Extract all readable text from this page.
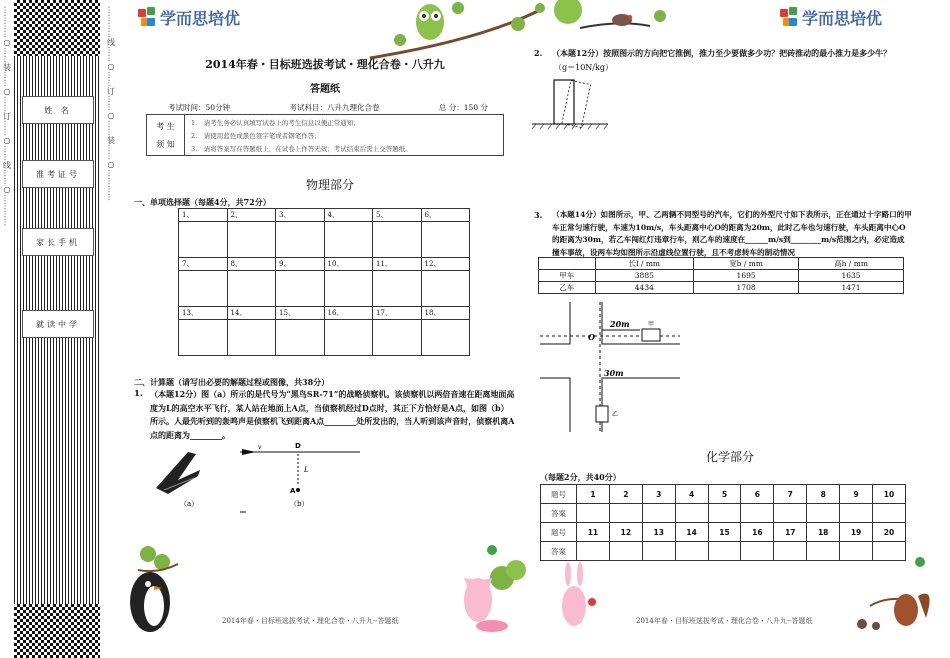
…………○……装……○……订……○……线……○…………	姓 名
准考证号
家长手机
就读中学
…………线……○……订……○……装……○…………	学而思培优	学而思培优
2014年春・目标班选拔考试・理化合卷・八升九
答题纸
考试时间：50分钟	考试科目：八升九理化合卷	总 分：150 分
考 生
须 知
1.　请考生务必认真填写试卷上的考生信息以便正常通知；
2.　请使用蓝色或黑色签字笔或者钢笔作答；
3.　请将答案写在答题纸上，在试卷上作答无效；考试结束后需上交答题纸。
物理部分
一、单项选择题（每题4分，共72分）
1、	2、	3、	4、	5、	6、

7、	8、	9、	10、	11、	12、

13、	14、	15、	16、	17、	18、

二、计算题（请写出必要的解题过程或图像，共38分）
1. （本题12分）图（a）所示的是代号为“黑鸟SR-71”的战略侦察机。该侦察机以两倍音速在距离地面高度为L的高空水平飞行，某人站在地面上A点，当侦察机经过D点时，其正下方恰好是A点，如图（b）所示。人最先听到的轰鸣声是侦察机飞到距离A点________处所发出的，当人听到该声音时，侦察机离A点的距离为________。
（a）	（b）
D
L
A
v
2014年春・目标班选拔考试・理化合卷・八升九--答题纸
2.	（本题12分）按照图示的方向把它推倒，推力至少要做多少功？把砖推动的最小推力是多少牛？
（g＝10N/kg）
3.	（本题14分）如图所示，甲、乙两辆不同型号的汽车，它们的外型尺寸如下表所示，正在通过十字路口的甲车正常匀速行驶，车速为10m/s，车头距离中心O的距离为20m，此时乙车也匀速行驶，车头距离中心O的距离为30m，若乙车闯红灯违章行车，则乙车的速度在______m/s到________m/s范围之内，必定造成撞车事故，设两车均如图所示沿虚线位置行驶，且不考虑转车的制动情况
	长l / mm	宽b / mm	高h / mm
甲车	3885	1695	1635
乙车	4434	1708	1471
O
20m
30m
甲
乙
化学部分
（每题2分，共40分）
题号	1	2	3	4	5	6	7	8	9	10
答案										
题号	11	12	13	14	15	16	17	18	19	20
答案										
2014年春・目标班选拔考试・理化合卷・八升九--答题纸
